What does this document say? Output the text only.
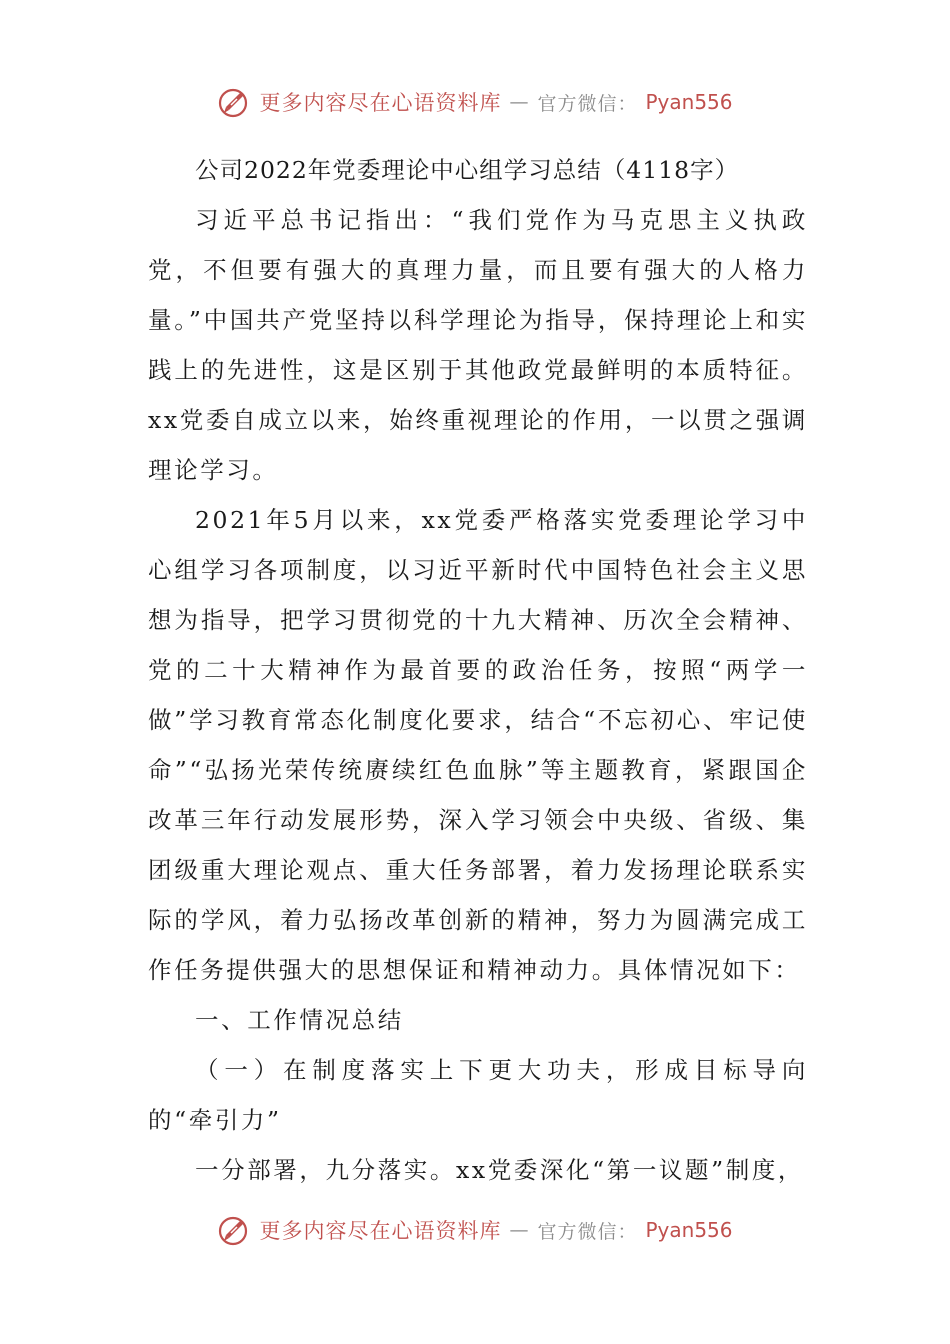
更多内容尽在心语资料库 — 官方微信： Pyan556

公司2022年党委理论中心组学习总结（4118字）

习近平总书记指出：“我们党作为马克思主义执政党，不但要有强大的真理力量，而且要有强大的人格力量。”中国共产党坚持以科学理论为指导，保持理论上和实践上的先进性，这是区别于其他政党最鲜明的本质特征。xx党委自成立以来，始终重视理论的作用，一以贯之强调理论学习。

2021年5月以来，xx党委严格落实党委理论学习中心组学习各项制度，以习近平新时代中国特色社会主义思想为指导，把学习贯彻党的十九大精神、历次全会精神、党的二十大精神作为最首要的政治任务，按照“两学一做”学习教育常态化制度化要求，结合“不忘初心、牢记使命”“弘扬光荣传统赓续红色血脉”等主题教育，紧跟国企改革三年行动发展形势，深入学习领会中央级、省级、集团级重大理论观点、重大任务部署，着力发扬理论联系实际的学风，着力弘扬改革创新的精神，努力为圆满完成工作任务提供强大的思想保证和精神动力。具体情况如下：

一、工作情况总结

（一）在制度落实上下更大功夫，形成目标导向的“牵引力”

一分部署，九分落实。xx党委深化“第一议题”制度，

更多内容尽在心语资料库 — 官方微信： Pyan556
